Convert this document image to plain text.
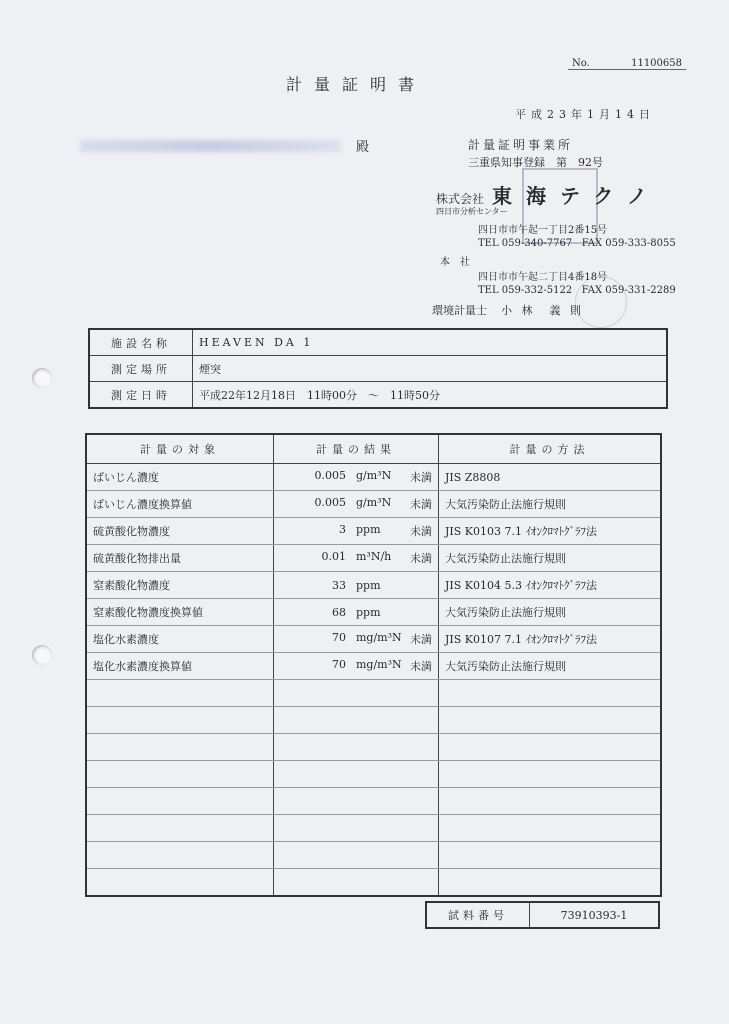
No.	11100658
計量証明書
平成23年1月14日
殿	計量証明事業所
三重県知事登録　第　92号
株式会社 東海テクノ
四日市分析センター
四日市市午起一丁目2番15号
TEL 059-340-7767 FAX 059-333-8055
本　社
四日市市午起二丁目4番18号
TEL 059-332-5122 FAX 059-331-2289
環境計量士 小 林　義 則
施設名称	HEAVEN DA 1
測定場所	煙突
測定日時	平成22年12月18日　11時00分　～　11時50分
計量の対象	計量の結果	計量の方法
ばいじん濃度	0.005 g/m³N 未満	JIS Z8808
ばいじん濃度換算値	0.005 g/m³N 未満	大気汚染防止法施行規則
硫黄酸化物濃度	3 ppm 未満	JIS K0103 7.1 ｲｵﾝｸﾛﾏﾄｸﾞﾗﾌ法
硫黄酸化物排出量	0.01 m³N/h 未満	大気汚染防止法施行規則
窒素酸化物濃度	33 ppm	JIS K0104 5.3 ｲｵﾝｸﾛﾏﾄｸﾞﾗﾌ法
窒素酸化物濃度換算値	68 ppm	大気汚染防止法施行規則
塩化水素濃度	70 mg/m³N 未満	JIS K0107 7.1 ｲｵﾝｸﾛﾏﾄｸﾞﾗﾌ法
塩化水素濃度換算値	70 mg/m³N 未満	大気汚染防止法施行規則

試料番号	73910393-1
